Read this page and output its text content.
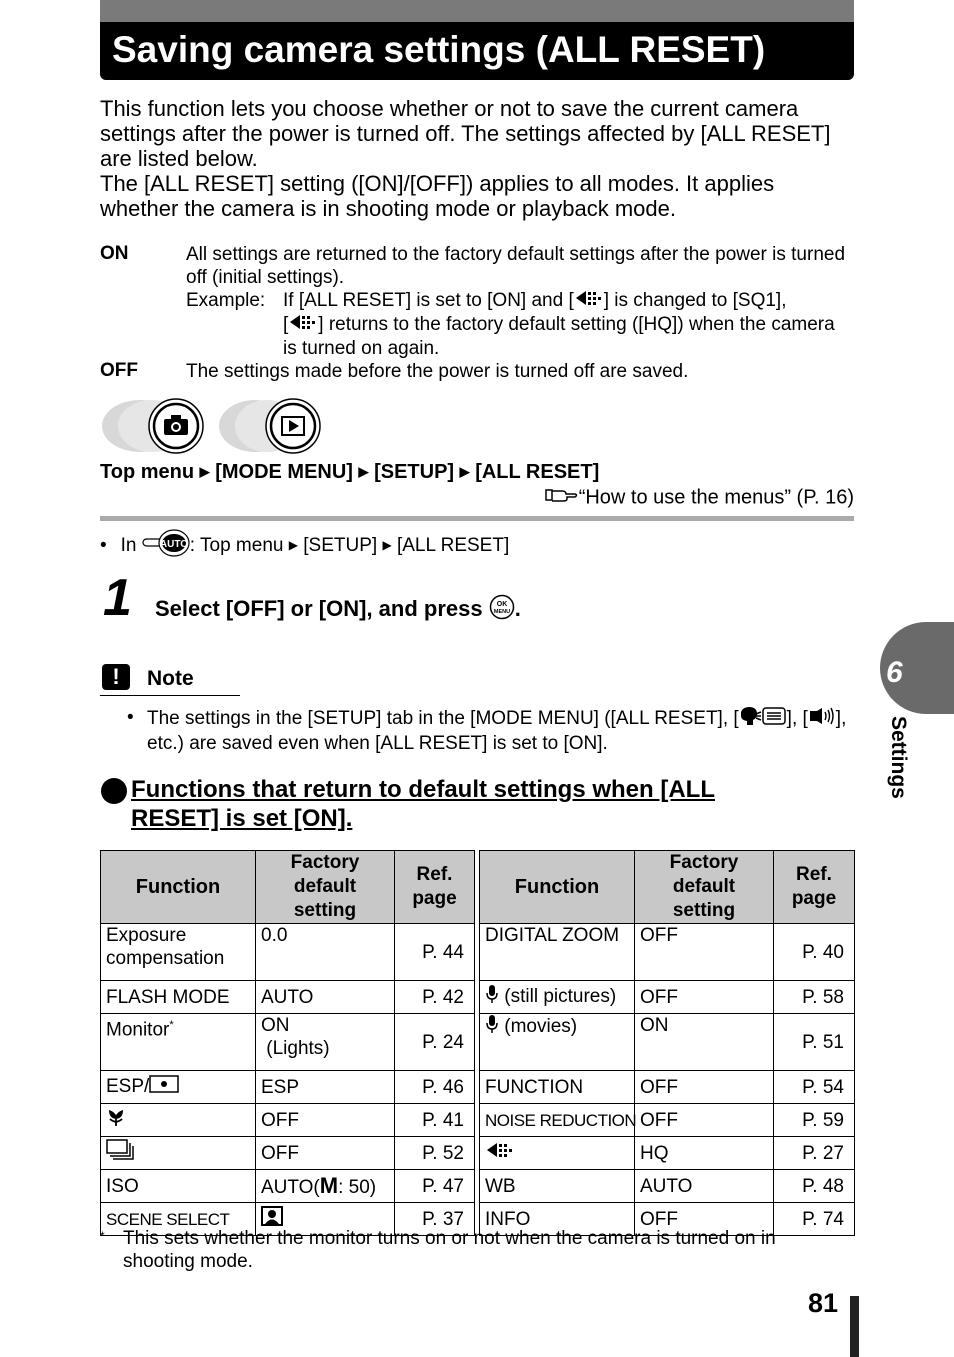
Saving camera settings (ALL RESET)

This function lets you choose whether or not to save the current camera settings after the power is turned off. The settings affected by [ALL RESET] are listed below.

The [ALL RESET] setting ([ON]/[OFF]) applies to all modes. It applies whether the camera is in shooting mode or playback mode.

ON	All settings are returned to the factory default settings after the power is turned off (initial settings).
Example: If [ALL RESET] is set to [ON] and [ ] is changed to [SQ1],
[ ] returns to the factory default setting ([HQ]) when the camera is turned on again.
OFF	The settings made before the power is turned off are saved.
Top menu ▶ [MODE MENU] ▶ [SETUP] ▶ [ALL RESET]
“How to use the menus” (P. 16)
• In AUTO : Top menu ▶ [SETUP] ▶ [ALL RESET]
1 Select [OFF] or [ON], and press OK
MENU .
!	Note
• The settings in the [SETUP] tab in the [MODE MENU] ([ALL RESET], [	], [ ], etc.) are saved even when [ALL RESET] is set to [ON].
Functions that return to default settings when [ALL
RESET] is set [ON].
Function	Factory
default setting	Ref.
page
Exposure compensation	0.0	P. 44
FLASH MODE	AUTO	P. 42
Monitor*	ON
(Lights)	P. 24
ESP/	ESP	P. 46
	OFF	P. 41
	OFF	P. 52
ISO	AUTO(M: 50)	P. 47
SCENE SELECT		P. 37
Function	Factory
default setting	Ref.
page
DIGITAL ZOOM	OFF	P. 40
(still pictures)	OFF	P. 58
(movies)	ON	P. 51
FUNCTION	OFF	P. 54
NOISE REDUCTION	OFF	P. 59
	HQ	P. 27
WB	AUTO	P. 48
INFO	OFF	P. 74
* This sets whether the monitor turns on or not when the camera is turned on in shooting mode.
6
Settings
81
